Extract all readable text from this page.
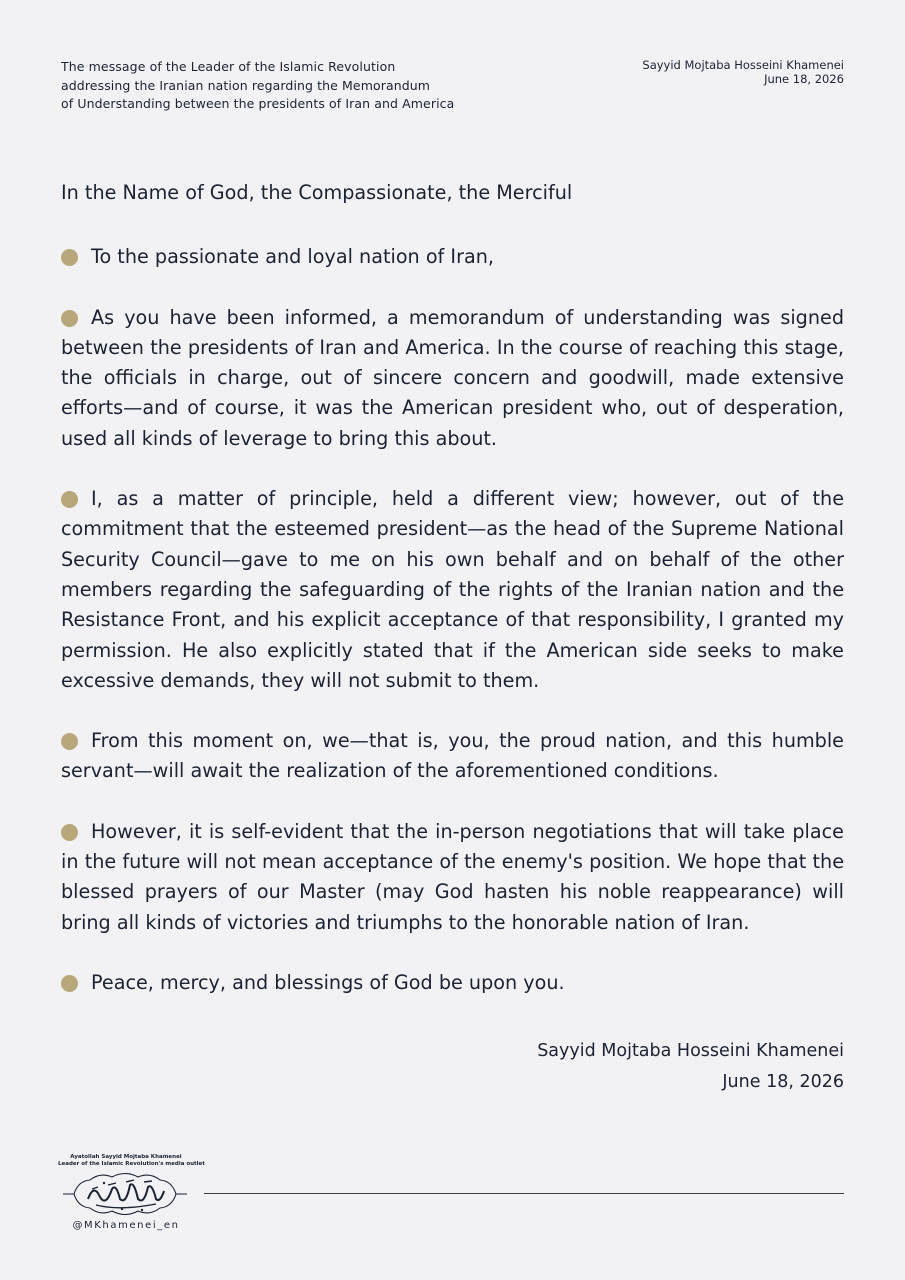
The message of the Leader of the Islamic Revolution
addressing the Iranian nation regarding the Memorandum
of Understanding between the presidents of Iran and America
Sayyid Mojtaba Hosseini Khamenei
June 18, 2026
In the Name of God, the Compassionate, the Merciful
To the passionate and loyal nation of Iran,
As you have been informed, a memorandum of understanding was signed between the presidents of Iran and America. In the course of reaching this stage, the officials in charge, out of sincere concern and goodwill, made extensive efforts—and of course, it was the American president who, out of desperation, used all kinds of leverage to bring this about.
I, as a matter of principle, held a different view; however, out of the commitment that the esteemed president—as the head of the Supreme National Security Council—gave to me on his own behalf and on behalf of the other members regarding the safeguarding of the rights of the Iranian nation and the Resistance Front, and his explicit acceptance of that responsibility, I granted my permission. He also explicitly stated that if the American side seeks to make excessive demands, they will not submit to them.
From this moment on, we—that is, you, the proud nation, and this humble servant—will await the realization of the aforementioned conditions.
However, it is self-evident that the in-person negotiations that will take place in the future will not mean acceptance of the enemy's position. We hope that the blessed prayers of our Master (may God hasten his noble reappearance) will bring all kinds of victories and triumphs to the honorable nation of Iran.
Peace, mercy, and blessings of God be upon you.
Sayyid Mojtaba Hosseini Khamenei
June 18, 2026
Ayatollah Sayyid Mojtaba Khamenei
Leader of the Islamic Revolution's media outlet
@MKhamenei_en
